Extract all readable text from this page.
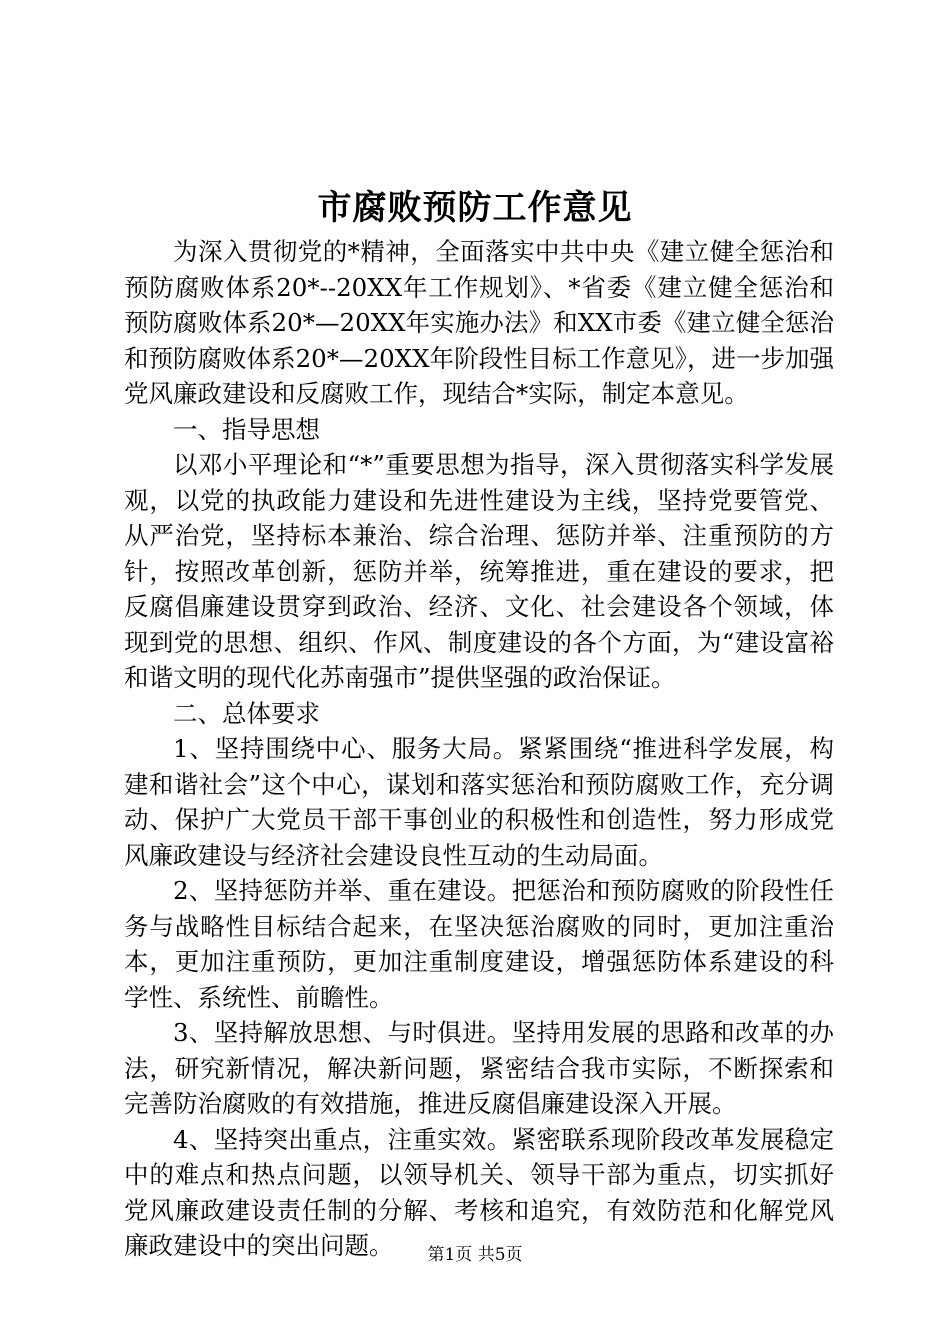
市腐败预防工作意见

为深入贯彻党的*精神，全面落实中共中央《建立健全惩治和预防腐败体系20*--20XX年工作规划》、*省委《建立健全惩治和预防腐败体系20*—20XX年实施办法》和XX市委《建立健全惩治和预防腐败体系20*—20XX年阶段性目标工作意见》，进一步加强党风廉政建设和反腐败工作，现结合*实际，制定本意见。

一、指导思想

以邓小平理论和“*”重要思想为指导，深入贯彻落实科学发展观，以党的执政能力建设和先进性建设为主线，坚持党要管党、从严治党，坚持标本兼治、综合治理、惩防并举、注重预防的方针，按照改革创新，惩防并举，统筹推进，重在建设的要求，把反腐倡廉建设贯穿到政治、经济、文化、社会建设各个领域，体现到党的思想、组织、作风、制度建设的各个方面，为“建设富裕和谐文明的现代化苏南强市”提供坚强的政治保证。

二、总体要求

1、坚持围绕中心、服务大局。紧紧围绕“推进科学发展，构建和谐社会”这个中心，谋划和落实惩治和预防腐败工作，充分调动、保护广大党员干部干事创业的积极性和创造性，努力形成党风廉政建设与经济社会建设良性互动的生动局面。

2、坚持惩防并举、重在建设。把惩治和预防腐败的阶段性任务与战略性目标结合起来，在坚决惩治腐败的同时，更加注重治本，更加注重预防，更加注重制度建设，增强惩防体系建设的科学性、系统性、前瞻性。

3、坚持解放思想、与时俱进。坚持用发展的思路和改革的办法，研究新情况，解决新问题，紧密结合我市实际，不断探索和完善防治腐败的有效措施，推进反腐倡廉建设深入开展。

4、坚持突出重点，注重实效。紧密联系现阶段改革发展稳定中的难点和热点问题，以领导机关、领导干部为重点，切实抓好党风廉政建设责任制的分解、考核和追究，有效防范和化解党风廉政建设中的突出问题。	第1页 共5页
